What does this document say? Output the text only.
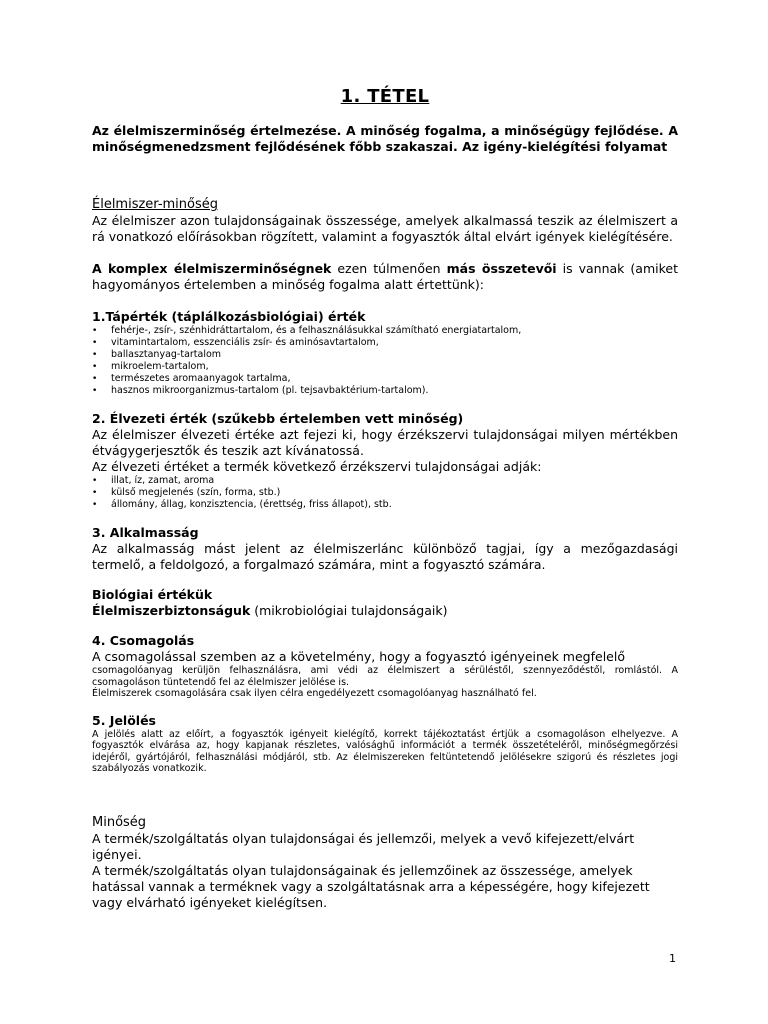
1. TÉTEL

Az élelmiszerminőség értelmezése. A minőség fogalma, a minőségügy fejlődése. A minőségmenedzsment fejlődésének főbb szakaszai. Az igény-kielégítési folyamat

Élelmiszer-minőség

Az élelmiszer azon tulajdonságainak összessége, amelyek alkalmassá teszik az élelmiszert a rá vonatkozó előírásokban rögzített, valamint a fogyasztók által elvárt igények kielégítésére.

A komplex élelmiszerminőségnek ezen túlmenően más összetevői is vannak (amiket hagyományos értelemben a minőség fogalma alatt értettünk):

1.Tápérték (táplálkozásbiológiai) érték
• fehérje-, zsír-, szénhidráttartalom, és a felhasználásukkal számítható energiatartalom,
• vitamintartalom, esszenciális zsír- és aminósavtartalom,
• ballasztanyag-tartalom
• mikroelem-tartalom,
• természetes aromaanyagok tartalma,
• hasznos mikroorganizmus-tartalom (pl. tejsavbaktérium-tartalom).
2. Élvezeti érték (szűkebb értelemben vett minőség)

Az élelmiszer élvezeti értéke azt fejezi ki, hogy érzékszervi tulajdonságai milyen mértékben étvágygerjesztők és teszik azt kívánatossá.

Az élvezeti értéket a termék következő érzékszervi tulajdonságai adják:

• illat, íz, zamat, aroma
• külső megjelenés (szín, forma, stb.)
• állomány, állag, konzisztencia, (érettség, friss állapot), stb.
3. Alkalmasság

Az alkalmasság mást jelent az élelmiszerlánc különböző tagjai, így a mezőgazdasági termelő, a feldolgozó, a forgalmazó számára, mint a fogyasztó számára.

Biológiai értékük

Élelmiszerbiztonságuk (mikrobiológiai tulajdonságaik)

4. Csomagolás

A csomagolással szemben az a követelmény, hogy a fogyasztó igényeinek megfelelő

csomagolóanyag kerüljön felhasználásra, ami védi az élelmiszert a sérüléstől, szennyeződéstől, romlástól. A csomagoláson tüntetendő fel az élelmiszer jelölése is.

Élelmiszerek csomagolására csak ilyen célra engedélyezett csomagolóanyag használható fel.

5. Jelölés

A jelölés alatt az előírt, a fogyasztók igényeit kielégítő, korrekt tájékoztatást értjük a csomagoláson elhelyezve. A fogyasztók elvárása az, hogy kapjanak részletes, valósághű információt a termék összetételéről, minőségmegőrzési idejéről, gyártójáról, felhasználási módjáról, stb. Az élelmiszereken feltüntetendő jelölésekre szigorú és részletes jogi szabályozás vonatkozik.

Minőség

A termék/szolgáltatás olyan tulajdonságai és jellemzői, melyek a vevő kifejezett/elvárt igényei.

A termék/szolgáltatás olyan tulajdonságainak és jellemzőinek az összessége, amelyek hatással vannak a terméknek vagy a szolgáltatásnak arra a képességére, hogy kifejezett vagy elvárható igényeket kielégítsen.

1
